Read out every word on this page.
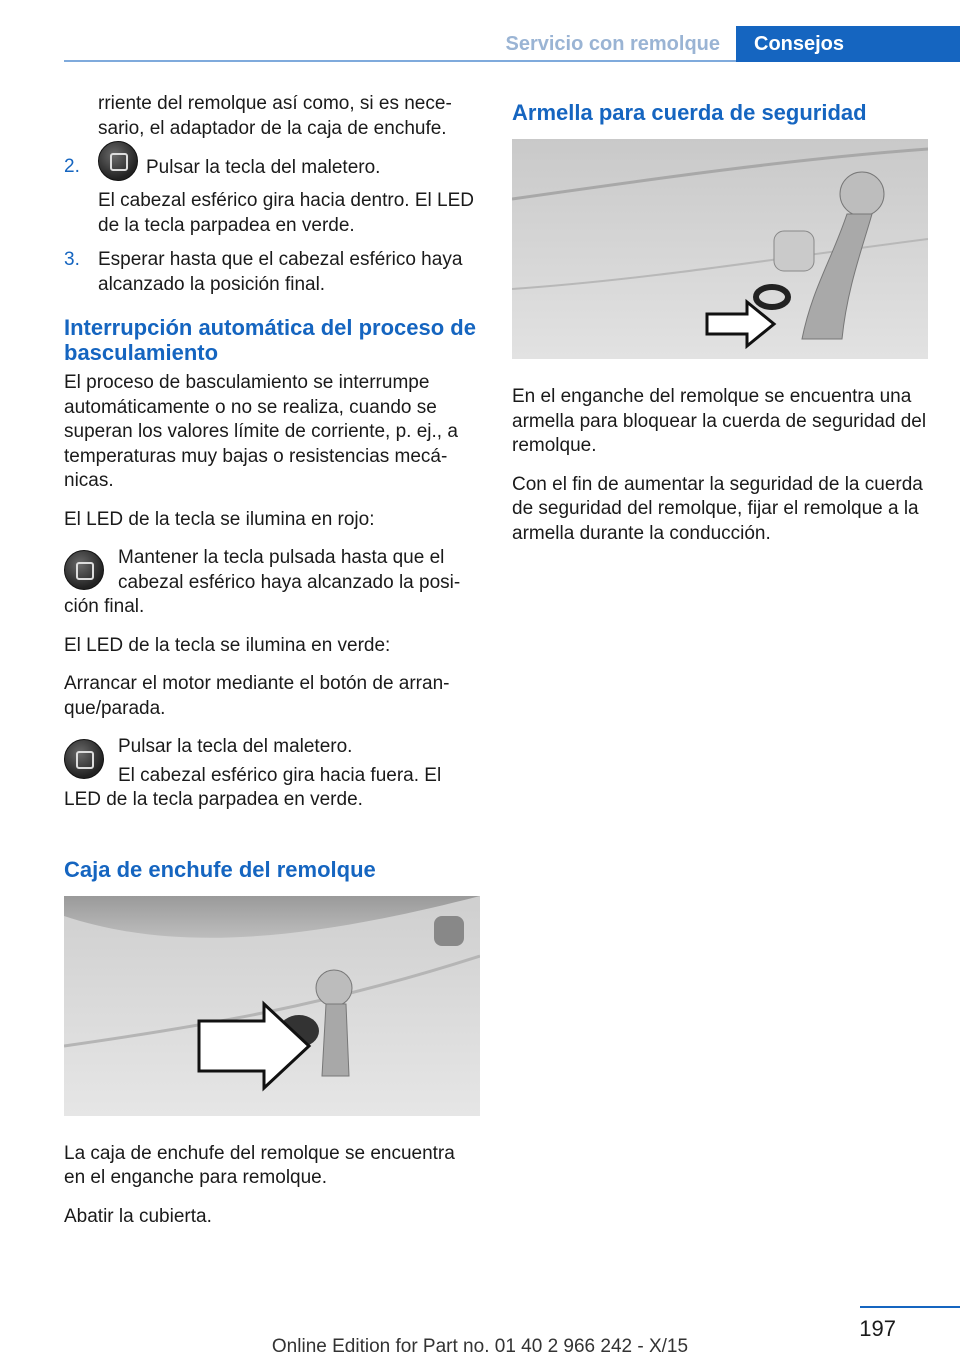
Servicio con remolque	Consejos

rriente del remolque así como, si es necesario, el adaptador de la caja de enchufe.

2.	Pulsar la tecla del maletero.

El cabezal esférico gira hacia dentro. El LED de la tecla parpadea en verde.

3. Esperar hasta que el cabezal esférico haya alcanzado la posición final.

Interrupción automática del proceso de basculamiento

El proceso de basculamiento se interrumpe automáticamente o no se realiza, cuando se superan los valores límite de corriente, p. ej., a temperaturas muy bajas o resistencias mecánicas.

El LED de la tecla se ilumina en rojo:

Mantener la tecla pulsada hasta que el cabezal esférico haya alcanzado la posición final.

El LED de la tecla se ilumina en verde:

Arrancar el motor mediante el botón de arranque/parada.

Pulsar la tecla del maletero.

El cabezal esférico gira hacia fuera. El LED de la tecla parpadea en verde.

Caja de enchufe del remolque

La caja de enchufe del remolque se encuentra en el enganche para remolque.

Abatir la cubierta.

Armella para cuerda de seguridad

En el enganche del remolque se encuentra una armella para bloquear la cuerda de seguridad del remolque.

Con el fin de aumentar la seguridad de la cuerda de seguridad del remolque, fijar el remolque a la armella durante la conducción.

197
Online Edition for Part no. 01 40 2 966 242 - X/15
